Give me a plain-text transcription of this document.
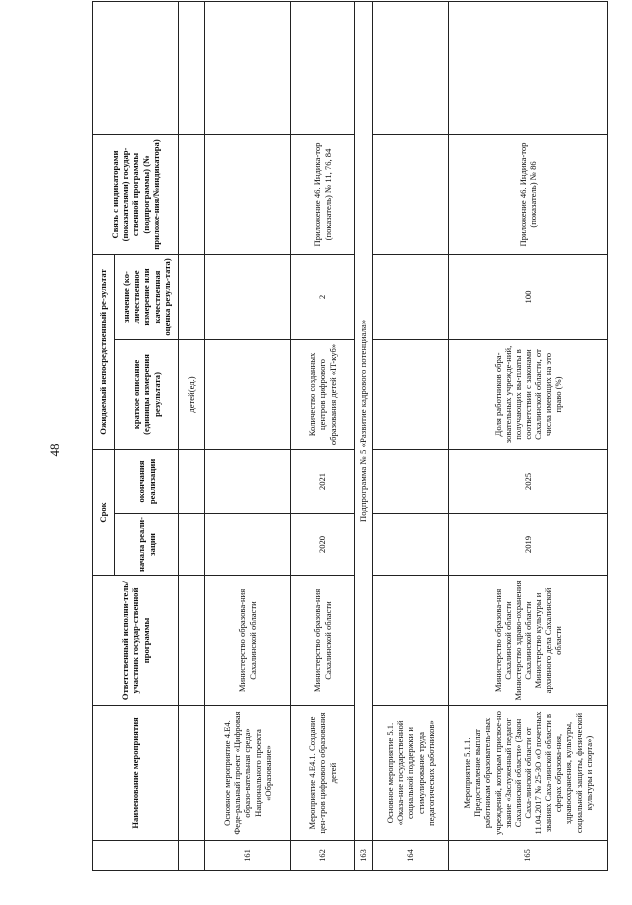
48
	Наименование мероприятия	Ответственный исполни-тель/участник государ-ственной программы	Срок		Ожидаемый непосредственный ре-зультат		Связь с индикаторами (показателями) государ-ственной программы (подпрограммы) (№ приложе-ния/№индикатора)	
			начала реали-зации	окончания реализации	краткое описание (единицы измерения результата)	значение (ко-личественное измерение или качественная оценка резуль-тата)		
					детей(ед.)			
161	Основное мероприятие 4.Е4. Феде-ральный проект «Цифровая образо-вательная среда» Национального проекта «Образование»	Министерство образова-ния Сахалинской области						
162	Мероприятие 4.Е4.1. Создание цен-тров цифрового образования детей	Министерство образова-ния Сахалинской области	2020	2021	Количество созданных центров цифрового образования детей «IT-куб»	2	Приложение 46. Индика-тор (показатель) № 11, 76, 84	
163	Подпрограмма № 5 «Развитие кадрового потенциала»							
164	Основное мероприятие 5.1. «Оказа-ние государственной социальной поддержки и стимулирование труда педагогических работников»							
165	Мероприятие 5.1.1. Предоставление выплат работникам образователь-ных учреждений, которым присвое-но звание «Заслуженный педагог Сахалинской области» (Закон Саха-линской области от 11.04.2017 № 25-ЗО «О почетных званиях Саха-линской области в сферах образова-ния, здравоохранения, культуры, социальной защиты, физической культуры и спорта»)	Министерство образова-ния Сахалинской области Министерство здраво-охранения Сахалинской области Министерство культуры и архивного дела Сахалинской области	2019	2025	Доля работников обра-зовательных учрежде-ний, получающих вы-платы в соответствии с законами Сахалинской области, от числа имеющих на это право (%)	100	Приложение 46. Индика-тор (показатель) № 86	
